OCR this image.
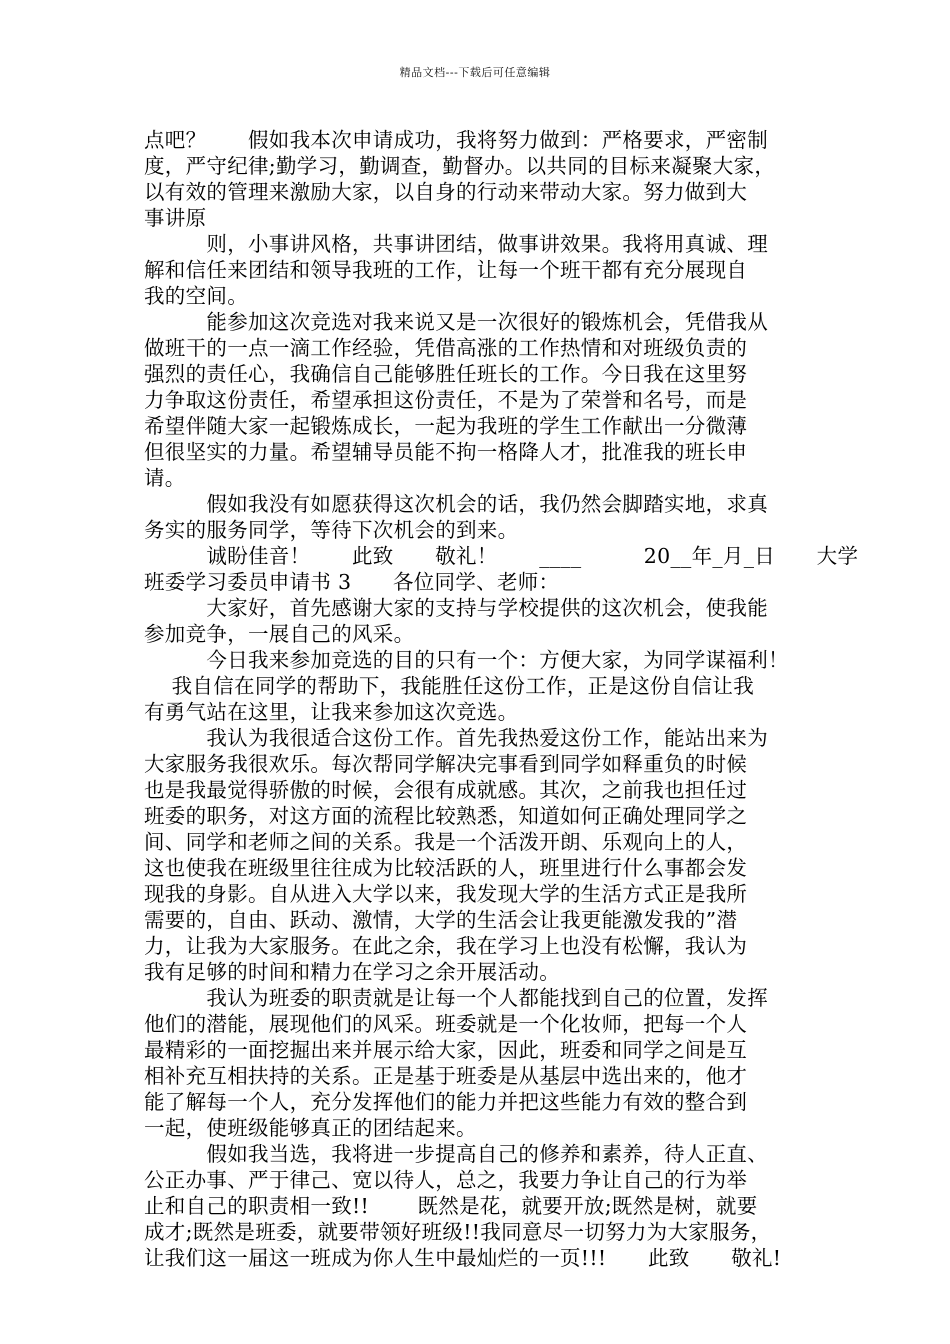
精品文档---下载后可任意编辑
点吧？　　假如我本次申请成功，我将努力做到：严格要求，严密制
度，严守纪律;勤学习，勤调查，勤督办。以共同的目标来凝聚大家，
以有效的管理来激励大家，以自身的行动来带动大家。努力做到大
事讲原
　　　则，小事讲风格，共事讲团结，做事讲效果。我将用真诚、理
解和信任来团结和领导我班的工作，让每一个班干都有充分展现自
我的空间。
　　　能参加这次竞选对我来说又是一次很好的锻炼机会，凭借我从
做班干的一点一滴工作经验，凭借高涨的工作热情和对班级负责的
强烈的责任心，我确信自己能够胜任班长的工作。今日我在这里努
力争取这份责任，希望承担这份责任，不是为了荣誉和名号，而是
希望伴随大家一起锻炼成长，一起为我班的学生工作献出一分微薄
但很坚实的力量。希望辅导员能不拘一格降人才，批准我的班长申
请。
　　　假如我没有如愿获得这次机会的话，我仍然会脚踏实地，求真
务实的服务同学，等待下次机会的到来。
　　　诚盼佳音！　　此致　　敬礼！　　____　　　20__年_月_日　　大学
班委学习委员申请书 3　　各位同学、老师：
　　　大家好，首先感谢大家的支持与学校提供的这次机会，使我能
参加竞争，一展自己的风采。
　　　今日我来参加竞选的目的只有一个：方便大家，为同学谋福利！
　 我自信在同学的帮助下，我能胜任这份工作，正是这份自信让我
有勇气站在这里，让我来参加这次竞选。
　　　我认为我很适合这份工作。首先我热爱这份工作，能站出来为
大家服务我很欢乐。每次帮同学解决完事看到同学如释重负的时候
也是我最觉得骄傲的时候，会很有成就感。其次，之前我也担任过
班委的职务，对这方面的流程比较熟悉，知道如何正确处理同学之
间、同学和老师之间的关系。我是一个活泼开朗、乐观向上的人，
这也使我在班级里往往成为比较活跃的人，班里进行什么事都会发
现我的身影。自从进入大学以来，我发现大学的生活方式正是我所
需要的，自由、跃动、激情，大学的生活会让我更能激发我的”潜
力，让我为大家服务。在此之余，我在学习上也没有松懈，我认为
我有足够的时间和精力在学习之余开展活动。
　　　我认为班委的职责就是让每一个人都能找到自己的位置，发挥
他们的潜能，展现他们的风采。班委就是一个化妆师，把每一个人
最精彩的一面挖掘出来并展示给大家，因此，班委和同学之间是互
相补充互相扶持的关系。正是基于班委是从基层中选出来的，他才
能了解每一个人，充分发挥他们的能力并把这些能力有效的整合到
一起，使班级能够真正的团结起来。
　　　假如我当选，我将进一步提高自己的修养和素养，待人正直、
公正办事、严于律己、宽以待人，总之，我要力争让自己的行为举
止和自己的职责相一致!!　　 既然是花，就要开放;既然是树，就要
成才;既然是班委，就要带领好班级!!我同意尽一切努力为大家服务，
让我们这一届这一班成为你人生中最灿烂的一页!!!　　此致　　敬礼!
